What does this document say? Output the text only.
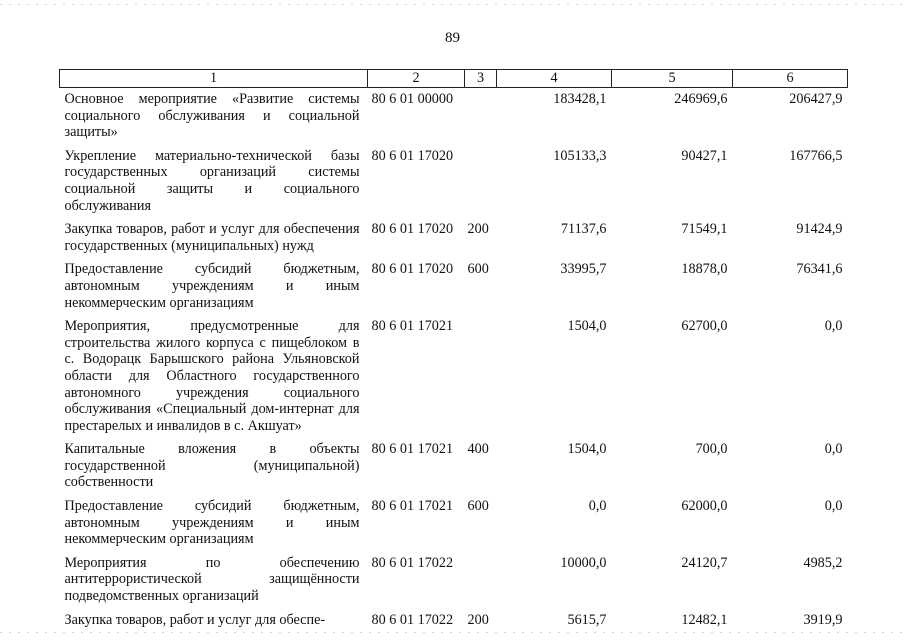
89
1	2	3	4	5	6
Основное мероприятие «Развитие системы социального обслуживания и социальной защиты»	80 6 01 00000		183428,1	246969,6	206427,9
Укрепление материально-технической базы государственных организаций системы социальной защиты и социального обслуживания	80 6 01 17020		105133,3	90427,1	167766,5
Закупка товаров, работ и услуг для обеспечения государственных (муниципальных) нужд	80 6 01 17020	200	71137,6	71549,1	91424,9
Предоставление субсидий бюджетным, автономным учреждениям и иным некоммерческим организациям	80 6 01 17020	600	33995,7	18878,0	76341,6
Мероприятия, предусмотренные для строительства жилого корпуса с пищеблоком в с. Водорацк Барышского района Ульяновской области для Областного государственного автономного учреждения социального обслуживания «Специальный дом-интернат для престарелых и инвалидов в с. Акшуат»	80 6 01 17021		1504,0	62700,0	0,0
Капитальные вложения в объекты государственной (муниципальной) собственности	80 6 01 17021	400	1504,0	700,0	0,0
Предоставление субсидий бюджетным, автономным учреждениям и иным некоммерческим организациям	80 6 01 17021	600	0,0	62000,0	0,0
Мероприятия по обеспечению антитеррористической защищённости подведомственных организаций	80 6 01 17022		10000,0	24120,7	4985,2
Закупка товаров, работ и услуг для обеспе-	80 6 01 17022	200	5615,7	12482,1	3919,9
